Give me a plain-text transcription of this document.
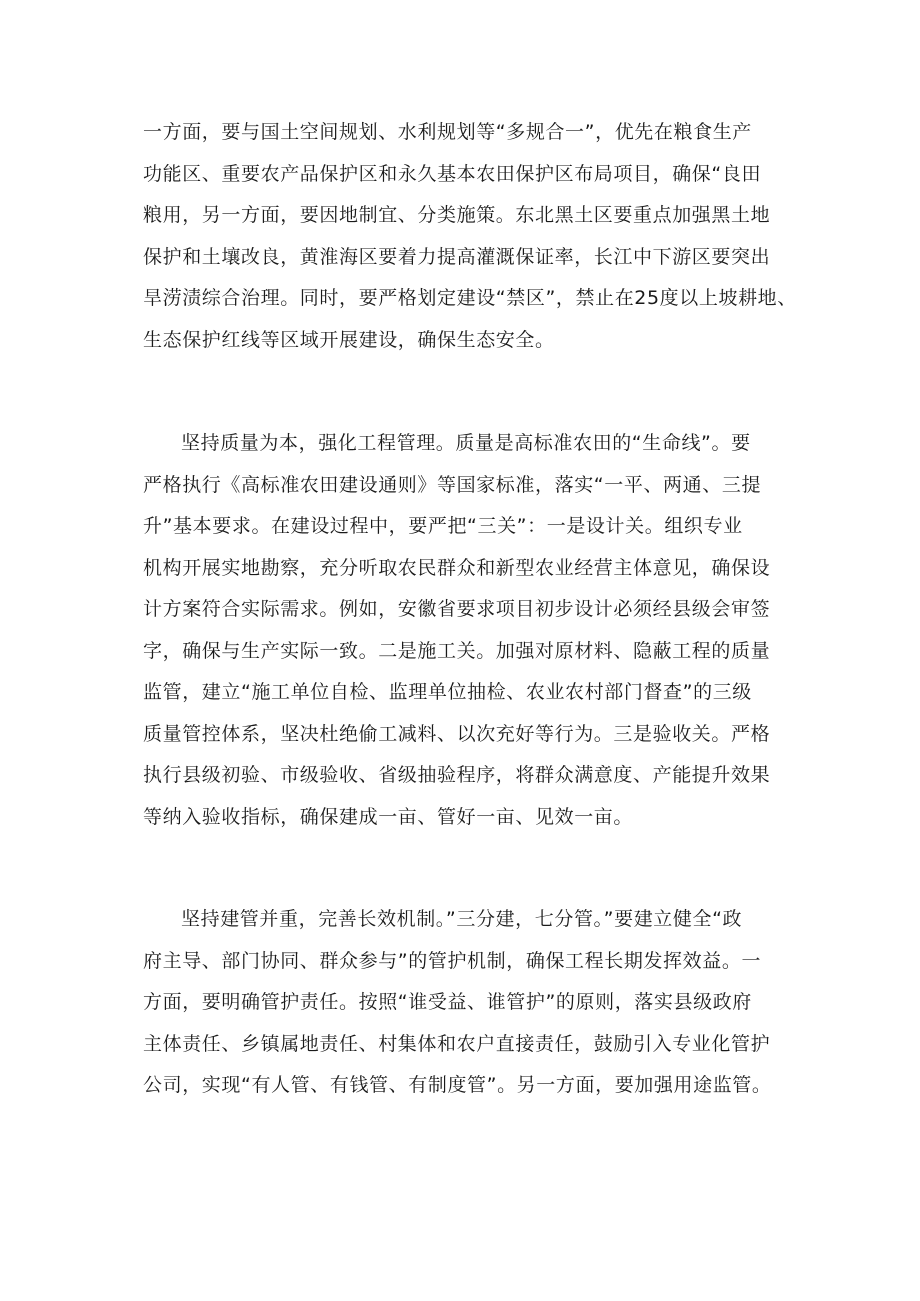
一方面，要与国土空间规划、水利规划等“多规合一”，优先在粮食生产
功能区、重要农产品保护区和永久基本农田保护区布局项目，确保“良田
粮用，另一方面，要因地制宜、分类施策。东北黑土区要重点加强黑土地
保护和土壤改良，黄淮海区要着力提高灌溉保证率，长江中下游区要突出
旱涝渍综合治理。同时，要严格划定建设“禁区”，禁止在25度以上坡耕地、
生态保护红线等区域开展建设，确保生态安全。
坚持质量为本，强化工程管理。质量是高标准农田的“生命线”。要
严格执行《高标准农田建设通则》等国家标准，落实“一平、两通、三提
升”基本要求。在建设过程中，要严把“三关”：一是设计关。组织专业
机构开展实地勘察，充分听取农民群众和新型农业经营主体意见，确保设
计方案符合实际需求。例如，安徽省要求项目初步设计必须经县级会审签
字，确保与生产实际一致。二是施工关。加强对原材料、隐蔽工程的质量
监管，建立“施工单位自检、监理单位抽检、农业农村部门督查”的三级
质量管控体系，坚决杜绝偷工减料、以次充好等行为。三是验收关。严格
执行县级初验、市级验收、省级抽验程序，将群众满意度、产能提升效果
等纳入验收指标，确保建成一亩、管好一亩、见效一亩。
坚持建管并重，完善长效机制。”三分建，七分管。”要建立健全“政
府主导、部门协同、群众参与”的管护机制，确保工程长期发挥效益。一
方面，要明确管护责任。按照“谁受益、谁管护”的原则，落实县级政府
主体责任、乡镇属地责任、村集体和农户直接责任，鼓励引入专业化管护
公司，实现“有人管、有钱管、有制度管”。另一方面，要加强用途监管。
